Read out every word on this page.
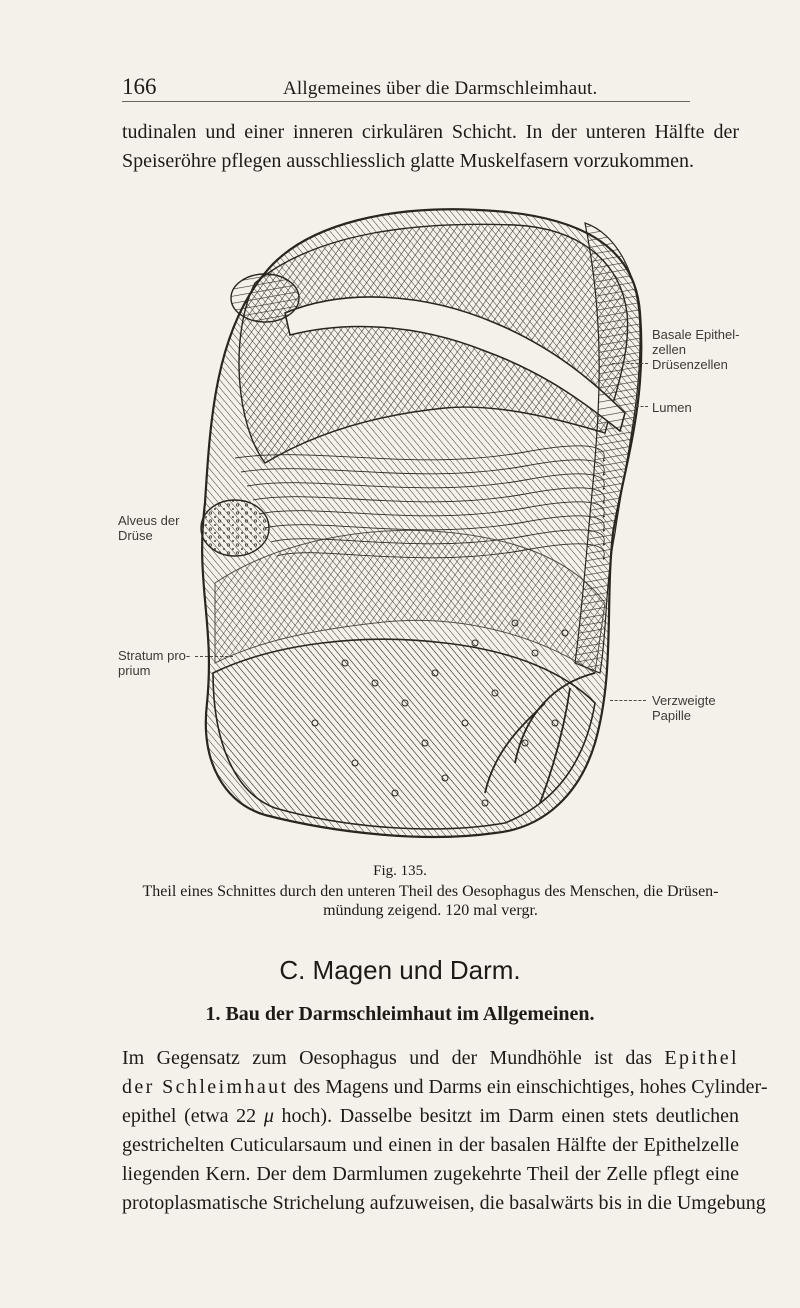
166	Allgemeines über die Darmschleimhaut.
tudinalen und einer inneren cirkulären Schicht. In der unteren Hälfte der
Speiseröhre pflegen ausschliesslich glatte Muskelfasern vorzukommen.
Basale Epithel-
zellen
Drüsenzellen
Lumen
Alveus der
Drüse
Stratum pro-
prium
Verzweigte
Papille
Fig. 135.
Theil eines Schnittes durch den unteren Theil des Oesophagus des Menschen, die Drüsen-
mündung zeigend. 120 mal vergr.
C. Magen und Darm.
1. Bau der Darmschleimhaut im Allgemeinen.
Im Gegensatz zum Oesophagus und der Mundhöhle ist das Epithel
der Schleimhaut des Magens und Darms ein einschichtiges, hohes Cylinder-
epithel (etwa 22 μ hoch). Dasselbe besitzt im Darm einen stets deutlichen
gestrichelten Cuticularsaum und einen in der basalen Hälfte der Epithelzelle
liegenden Kern. Der dem Darmlumen zugekehrte Theil der Zelle pflegt eine
protoplasmatische Strichelung aufzuweisen, die basalwärts bis in die Umgebung
